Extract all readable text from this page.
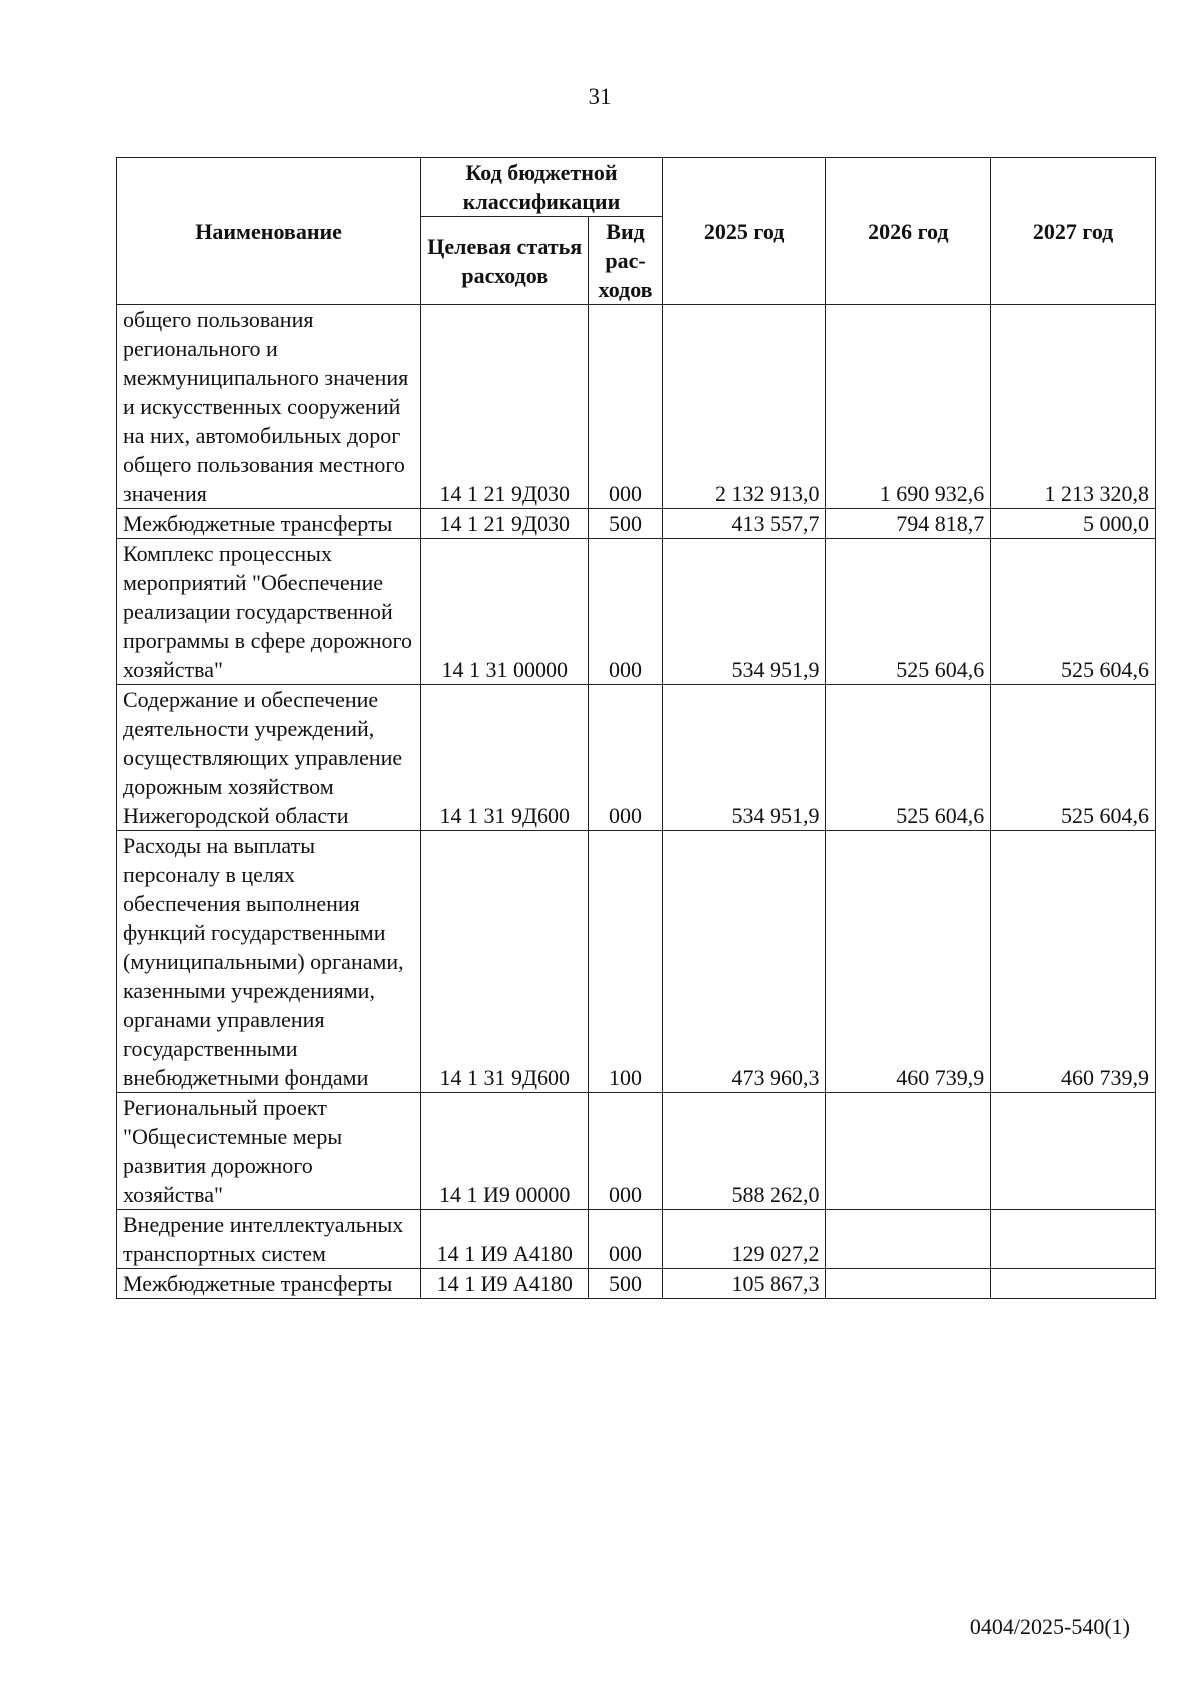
31
Наименование	Код бюджетной классификации		2025 год	2026 год	2027 год
	Целевая статья расходов	Вид рас-ходов			
общего пользования регионального и межмуниципального значения и искусственных сооружений на них, автомобильных дорог общего пользования местного значения	14 1 21 9Д030	000	2 132 913,0	1 690 932,6	1 213 320,8
Межбюджетные трансферты	14 1 21 9Д030	500	413 557,7	794 818,7	5 000,0
Комплекс процессных мероприятий "Обеспечение реализации государственной программы в сфере дорожного хозяйства"	14 1 31 00000	000	534 951,9	525 604,6	525 604,6
Содержание и обеспечение деятельности учреждений, осуществляющих управление дорожным хозяйством Нижегородской области	14 1 31 9Д600	000	534 951,9	525 604,6	525 604,6
Расходы на выплаты персоналу в целях обеспечения выполнения функций государственными (муниципальными) органами, казенными учреждениями, органами управления государственными внебюджетными фондами	14 1 31 9Д600	100	473 960,3	460 739,9	460 739,9
Региональный проект "Общесистемные меры развития дорожного хозяйства"	14 1 И9 00000	000	588 262,0		
Внедрение интеллектуальных транспортных систем	14 1 И9 А4180	000	129 027,2		
Межбюджетные трансферты	14 1 И9 А4180	500	105 867,3		
0404/2025-540(1)
